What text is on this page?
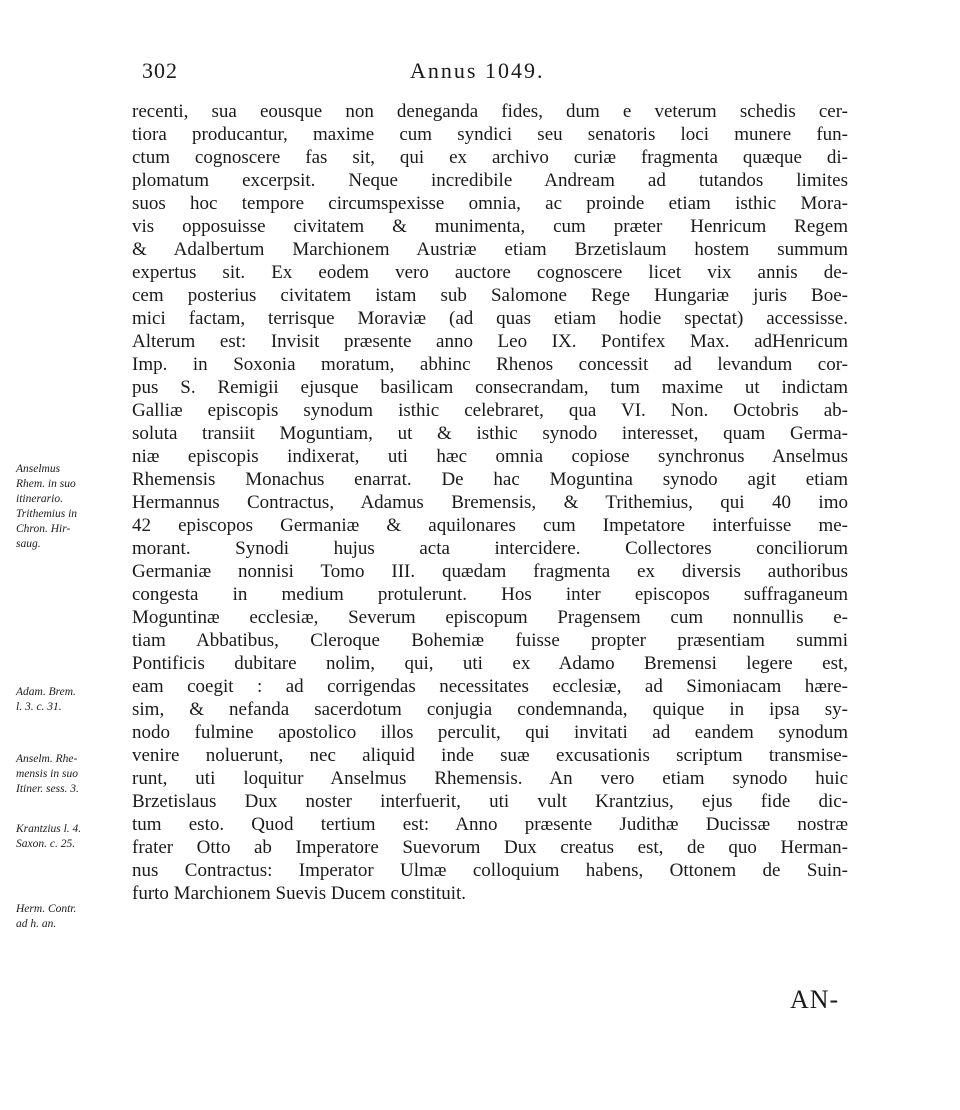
302	Annus 1049.
recenti, sua eousque non deneganda fides, dum e veterum schedis cer-
tiora producantur, maxime cum syndici seu senatoris loci munere fun-
ctum cognoscere fas sit, qui ex archivo curiæ fragmenta quæque di-
plomatum excerpsit. Neque incredibile Andream ad tutandos limites
suos hoc tempore circumspexisse omnia, ac proinde etiam isthic Mora-
vis opposuisse civitatem & munimenta, cum præter Henricum Regem
& Adalbertum Marchionem Austriæ etiam Brzetislaum hostem summum
expertus sit. Ex eodem vero auctore cognoscere licet vix annis de-
cem posterius civitatem istam sub Salomone Rege Hungariæ juris Boe-
mici factam, terrisque Moraviæ (ad quas etiam hodie spectat) accessisse.
Alterum est: Invisit præsente anno Leo IX. Pontifex Max. adHenricum
Imp. in Soxonia moratum, abhinc Rhenos concessit ad levandum cor-
pus S. Remigii ejusque basilicam consecrandam, tum maxime ut indictam
Galliæ episcopis synodum isthic celebraret, qua VI. Non. Octobris ab-
soluta transiit Moguntiam, ut & isthic synodo interesset, quam Germa-
niæ episcopis indixerat, uti hæc omnia copiose synchronus Anselmus
Rhemensis Monachus enarrat. De hac Moguntina synodo agit etiam
Hermannus Contractus, Adamus Bremensis, & Trithemius, qui 40 imo
42 episcopos Germaniæ & aquilonares cum Impetatore interfuisse me-
morant. Synodi hujus acta intercidere. Collectores conciliorum
Germaniæ nonnisi Tomo III. quædam fragmenta ex diversis authoribus
congesta in medium protulerunt. Hos inter episcopos suffraganeum
Moguntinæ ecclesiæ, Severum episcopum Pragensem cum nonnullis e-
tiam Abbatibus, Cleroque Bohemiæ fuisse propter præsentiam summi
Pontificis dubitare nolim, qui, uti ex Adamo Bremensi legere est,
eam coegit : ad corrigendas necessitates ecclesiæ, ad Simoniacam hære-
sim, & nefanda sacerdotum conjugia condemnanda, quique in ipsa sy-
nodo fulmine apostolico illos perculit, qui invitati ad eandem synodum
venire noluerunt, nec aliquid inde suæ excusationis scriptum transmise-
runt, uti loquitur Anselmus Rhemensis. An vero etiam synodo huic
Brzetislaus Dux noster interfuerit, uti vult Krantzius, ejus fide dic-
tum esto. Quod tertium est: Anno præsente Judithæ Ducissæ nostræ
frater Otto ab Imperatore Suevorum Dux creatus est, de quo Herman-
nus Contractus: Imperator Ulmæ colloquium habens, Ottonem de Suin-
furto Marchionem Suevis Ducem constituit.
Anselmus
Rhem. in suo
itinerario.
Trithemius in
Chron. Hir-
saug.
Adam. Brem.
l. 3. c. 31.
Anselm. Rhe-
mensis in suo
Itiner. sess. 3.
Krantzius l. 4.
Saxon. c. 25.
Herm. Contr.
ad h. an.
AN-
